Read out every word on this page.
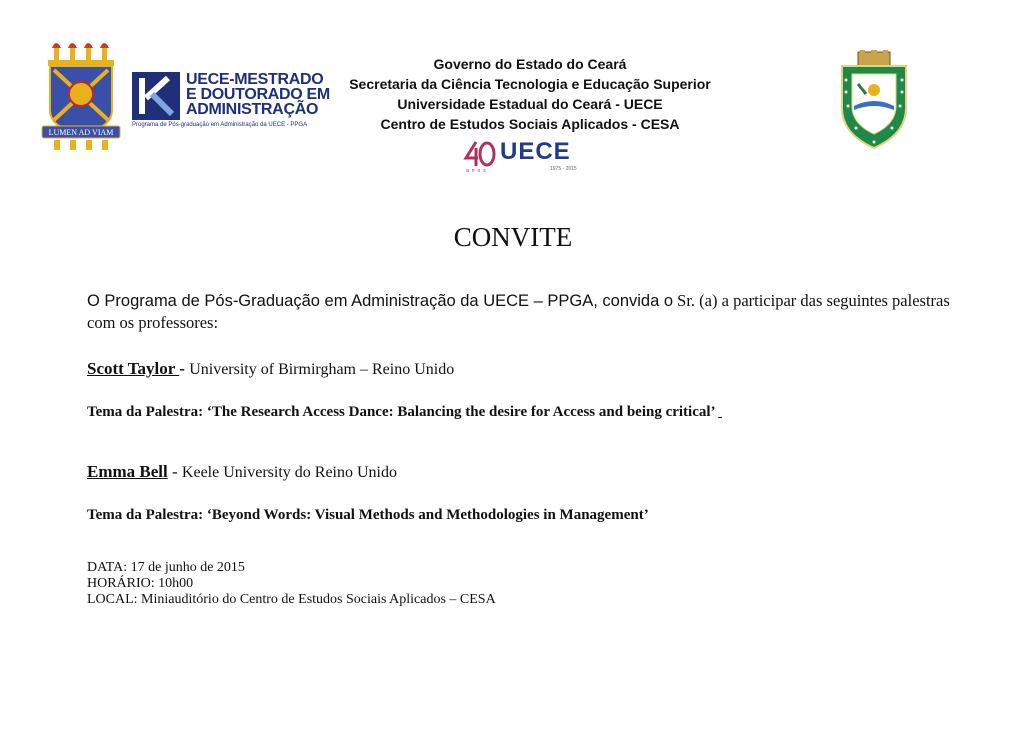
LUMEN AD VIAM
UECE-MESTRADO
E DOUTORADO EM
ADMINISTRAÇÃO
Programa de Pós-graduação em Administração da UECE - PPGA
Governo do Estado do Ceará
Secretaria da Ciência Tecnologia e Educação Superior
Universidade Estadual do Ceará - UECE
Centro de Estudos Sociais Aplicados - CESA
UECE
anos	1975 - 2015
CONVITE
O Programa de Pós-Graduação em Administração da UECE – PPGA, convida o Sr. (a) a participar das seguintes palestras com os professores:
Scott Taylor - University of Birmirgham – Reino Unido
Tema da Palestra: ‘The Research Access Dance: Balancing the desire for Access and being critical’
Emma Bell - Keele University do Reino Unido
Tema da Palestra: ‘Beyond Words: Visual Methods and Methodologies in Management’
DATA: 17 de junho de 2015
HORÁRIO: 10h00
LOCAL: Miniauditório do Centro de Estudos Sociais Aplicados – CESA
